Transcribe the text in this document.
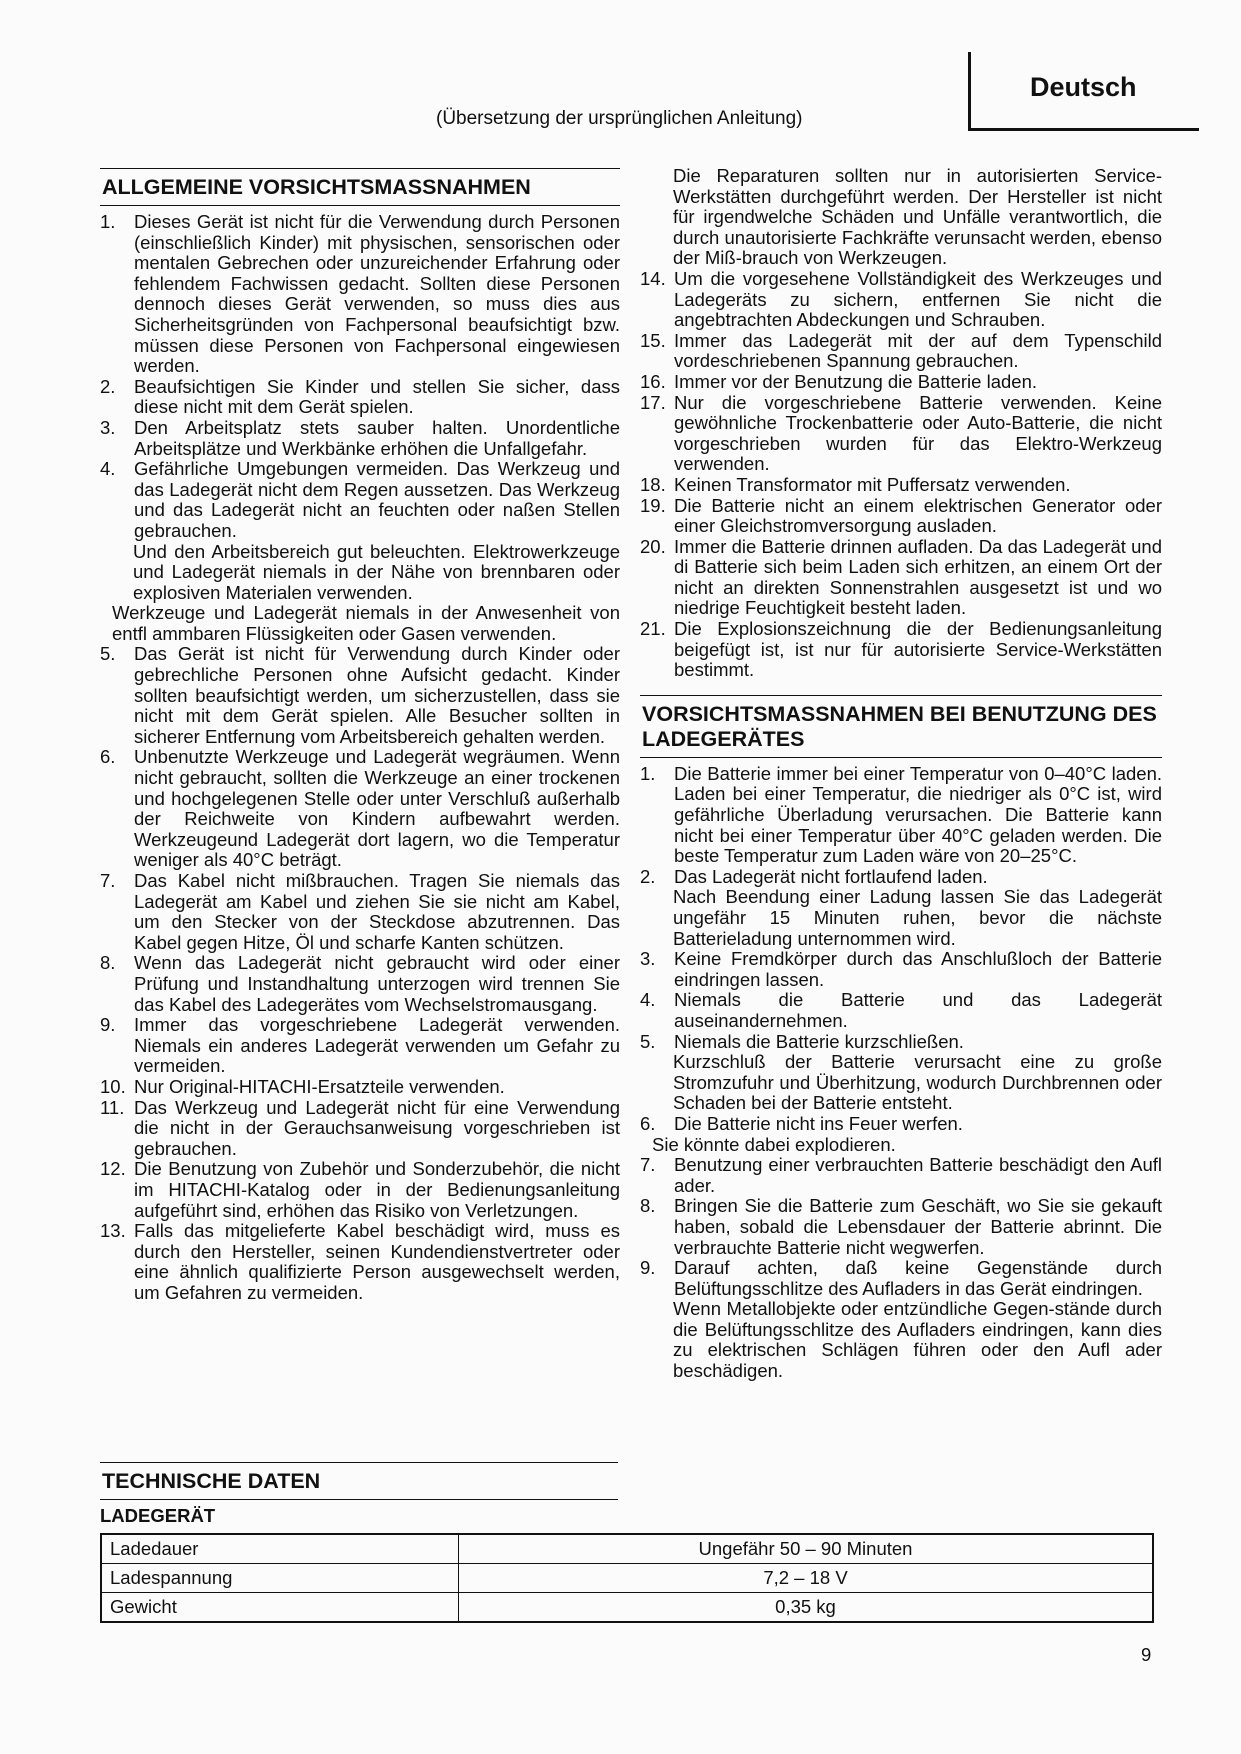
Deutsch
(Übersetzung der ursprünglichen Anleitung)
ALLGEMEINE VORSICHTSMASSNAHMEN
1.	Dieses Gerät ist nicht für die Verwendung durch Personen (einschließlich Kinder) mit physischen, sensorischen oder mentalen Gebrechen oder unzureichender Erfahrung oder fehlendem Fachwissen gedacht. Sollten diese Personen dennoch dieses Gerät verwenden, so muss dies aus Sicherheitsgründen von Fachpersonal beaufsichtigt bzw. müssen diese Personen von Fachpersonal eingewiesen werden.
2.	Beaufsichtigen Sie Kinder und stellen Sie sicher, dass diese nicht mit dem Gerät spielen.
3.	Den Arbeitsplatz stets sauber halten. Unordentliche Arbeitsplätze und Werkbänke erhöhen die Unfallgefahr.
4.	Gefährliche Umgebungen vermeiden. Das Werkzeug und das Ladegerät nicht dem Regen aussetzen. Das Werkzeug und das Ladegerät nicht an feuchten oder naßen Stellen gebrauchen.
Und den Arbeitsbereich gut beleuchten. Elektrowerkzeuge und Ladegerät niemals in der Nähe von brennbaren oder explosiven Materialen verwenden.
Werkzeuge und Ladegerät niemals in der Anwesenheit von entfl ammbaren Flüssigkeiten oder Gasen verwenden.
5.	Das Gerät ist nicht für Verwendung durch Kinder oder gebrechliche Personen ohne Aufsicht gedacht. Kinder sollten beaufsichtigt werden, um sicherzustellen, dass sie nicht mit dem Gerät spielen. Alle Besucher sollten in sicherer Entfernung vom Arbeitsbereich gehalten werden.
6.	Unbenutzte Werkzeuge und Ladegerät wegräumen. Wenn nicht gebraucht, sollten die Werkzeuge an einer trockenen und hochgelegenen Stelle oder unter Verschluß außerhalb der Reichweite von Kindern aufbewahrt werden. Werkzeugeund Ladegerät dort lagern, wo die Temperatur weniger als 40°C beträgt.
7.	Das Kabel nicht mißbrauchen. Tragen Sie niemals das Ladegerät am Kabel und ziehen Sie sie nicht am Kabel, um den Stecker von der Steckdose abzutrennen. Das Kabel gegen Hitze, Öl und scharfe Kanten schützen.
8.	Wenn das Ladegerät nicht gebraucht wird oder einer Prüfung und Instandhaltung unterzogen wird trennen Sie das Kabel des Ladegerätes vom Wechselstromausgang.
9.	Immer das vorgeschriebene Ladegerät verwenden. Niemals ein anderes Ladegerät verwenden um Gefahr zu vermeiden.
10. Nur Original-HITACHI-Ersatzteile verwenden.
11. Das Werkzeug und Ladegerät nicht für eine Verwendung die nicht in der Gerauchsanweisung vorgeschrieben ist gebrauchen.
12. Die Benutzung von Zubehör und Sonderzubehör, die nicht im HITACHI-Katalog oder in der Bedienungsanleitung aufgeführt sind, erhöhen das Risiko von Verletzungen.
13. Falls das mitgelieferte Kabel beschädigt wird, muss es durch den Hersteller, seinen Kundendienstvertreter oder eine ähnlich qualifizierte Person ausgewechselt werden, um Gefahren zu vermeiden.
Die Reparaturen sollten nur in autorisierten Service-Werkstätten durchgeführt werden. Der Hersteller ist nicht für irgendwelche Schäden und Unfälle verantwortlich, die durch unautorisierte Fachkräfte verunsacht werden, ebenso der Miß-brauch von Werkzeugen.
14. Um die vorgesehene Vollständigkeit des Werkzeuges und Ladegeräts zu sichern, entfernen Sie nicht die angebtrachten Abdeckungen und Schrauben.
15. Immer das Ladegerät mit der auf dem Typenschild vordeschriebenen Spannung gebrauchen.
16. Immer vor der Benutzung die Batterie laden.
17. Nur die vorgeschriebene Batterie verwenden. Keine gewöhnliche Trockenbatterie oder Auto-Batterie, die nicht vorgeschrieben wurden für das Elektro-Werkzeug verwenden.
18. Keinen Transformator mit Puffersatz verwenden.
19. Die Batterie nicht an einem elektrischen Generator oder einer Gleichstromversorgung ausladen.
20. Immer die Batterie drinnen aufladen. Da das Ladegerät und di Batterie sich beim Laden sich erhitzen, an einem Ort der nicht an direkten Sonnenstrahlen ausgesetzt ist und wo niedrige Feuchtigkeit besteht laden.
21. Die Explosionszeichnung die der Bedienungsanleitung beigefügt ist, ist nur für autorisierte Service-Werkstätten bestimmt.
VORSICHTSMASSNAHMEN BEI BENUTZUNG DES LADEGERÄTES
1.	Die Batterie immer bei einer Temperatur von 0–40°C laden. Laden bei einer Temperatur, die niedriger als 0°C ist, wird gefährliche Überladung verursachen. Die Batterie kann nicht bei einer Temperatur über 40°C geladen werden. Die beste Temperatur zum Laden wäre von 20–25°C.
2.	Das Ladegerät nicht fortlaufend laden.
Nach Beendung einer Ladung lassen Sie das Ladegerät ungefähr 15 Minuten ruhen, bevor die nächste Batterieladung unternommen wird.
3.	Keine Fremdkörper durch das Anschlußloch der Batterie eindringen lassen.
4.	Niemals die Batterie und das Ladegerät auseinandernehmen.
5.	Niemals die Batterie kurzschließen.
Kurzschluß der Batterie verursacht eine zu große Stromzufuhr und Überhitzung, wodurch Durchbrennen oder Schaden bei der Batterie entsteht.
6.	Die Batterie nicht ins Feuer werfen.
Sie könnte dabei explodieren.
7.	Benutzung einer verbrauchten Batterie beschädigt den Aufl ader.
8.	Bringen Sie die Batterie zum Geschäft, wo Sie sie gekauft haben, sobald die Lebensdauer der Batterie abrinnt. Die verbrauchte Batterie nicht wegwerfen.
9.	Darauf achten, daß keine Gegenstände durch Belüftungsschlitze des Aufladers in das Gerät eindringen.
Wenn Metallobjekte oder entzündliche Gegen-stände durch die Belüftungsschlitze des Aufladers eindringen, kann dies zu elektrischen Schlägen führen oder den Aufl ader beschädigen.
TECHNISCHE DATEN
LADEGERÄT
Ladedauer	Ungefähr 50 – 90 Minuten
Ladespannung	7,2 – 18 V
Gewicht	0,35 kg
9
